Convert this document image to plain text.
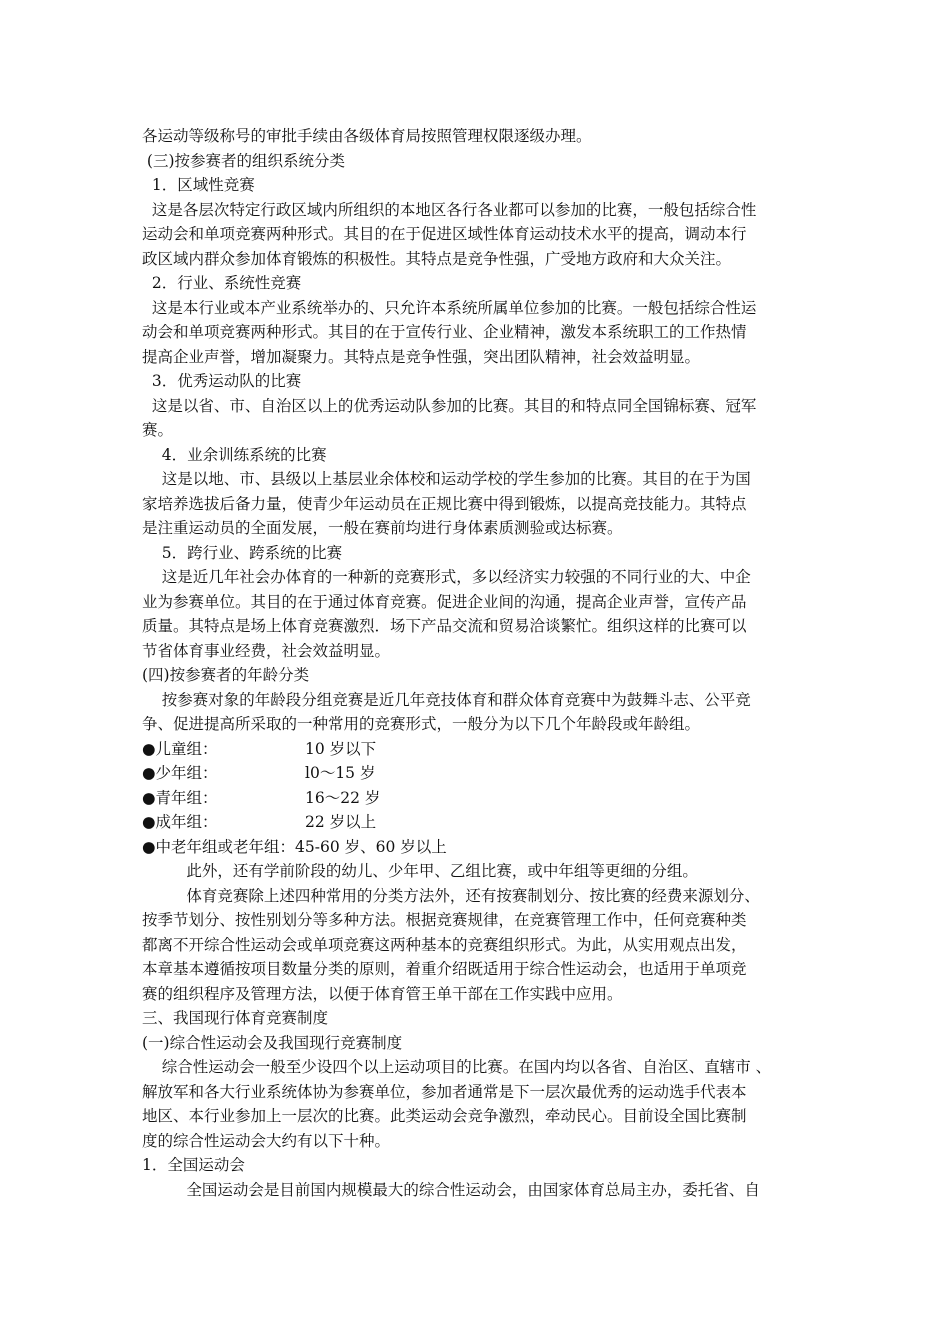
各运动等级称号的审批手续由各级体育局按照管理权限逐级办理。
(三)按参赛者的组织系统分类
1．区域性竞赛
这是各层次特定行政区域内所组织的本地区各行各业都可以参加的比赛，一般包括综合性
运动会和单项竞赛两种形式。其目的在于促进区域性体育运动技术水平的提高，调动本行
政区域内群众参加体育锻炼的积极性。其特点是竞争性强，广受地方政府和大众关注。
2．行业、系统性竞赛
这是本行业或本产业系统举办的、只允许本系统所属单位参加的比赛。一般包括综合性运
动会和单项竞赛两种形式。其目的在于宣传行业、企业精神，激发本系统职工的工作热情
提高企业声誉，增加凝聚力。其特点是竞争性强，突出团队精神，社会效益明显。
3．优秀运动队的比赛
这是以省、市、自治区以上的优秀运动队参加的比赛。其目的和特点同全国锦标赛、冠军
赛。
4．业余训练系统的比赛
这是以地、市、县级以上基层业余体校和运动学校的学生参加的比赛。其目的在于为国
家培养选拔后备力量，使青少年运动员在正规比赛中得到锻炼，以提高竞技能力。其特点
是注重运动员的全面发展，一般在赛前均进行身体素质测验或达标赛。
5．跨行业、跨系统的比赛
这是近几年社会办体育的一种新的竞赛形式，多以经济实力较强的不同行业的大、中企
业为参赛单位。其目的在于通过体育竞赛。促进企业间的沟通，提高企业声誉，宣传产品
质量。其特点是场上体育竞赛激烈．场下产品交流和贸易洽谈繁忙。组织这样的比赛可以
节省体育事业经费，社会效益明显。
(四)按参赛者的年龄分类
按参赛对象的年龄段分组竞赛是近几年竞技体育和群众体育竞赛中为鼓舞斗志、公平竞
争、促进提高所采取的一种常用的竞赛形式，一般分为以下几个年龄段或年龄组。
●儿童组：	10 岁以下
●少年组：	l0～15 岁
●青年组：	16～22 岁
●成年组：	22 岁以上
●中老年组或老年组： 45-60 岁、60 岁以上
此外，还有学前阶段的幼儿、少年甲、乙组比赛，或中年组等更细的分组。
体育竞赛除上述四种常用的分类方法外，还有按赛制划分、按比赛的经费来源划分、
按季节划分、按性别划分等多种方法。根据竞赛规律，在竞赛管理工作中，任何竞赛种类
都离不开综合性运动会或单项竞赛这两种基本的竞赛组织形式。为此，从实用观点出发，
本章基本遵循按项目数量分类的原则，着重介绍既适用于综合性运动会，也适用于单项竞
赛的组织程序及管理方法，以便于体育管王单干部在工作实践中应用。
三、我国现行体育竞赛制度
(一)综合性运动会及我国现行竞赛制度
综合性运动会一般至少设四个以上运动项目的比赛。在国内均以各省、自治区、直辖市 、
解放军和各大行业系统体协为参赛单位，参加者通常是下一层次最优秀的运动选手代表本
地区、本行业参加上一层次的比赛。此类运动会竞争激烈，牵动民心。目前设全国比赛制
度的综合性运动会大约有以下十种。
1．全国运动会
全国运动会是目前国内规模最大的综合性运动会，由国家体育总局主办，委托省、自
